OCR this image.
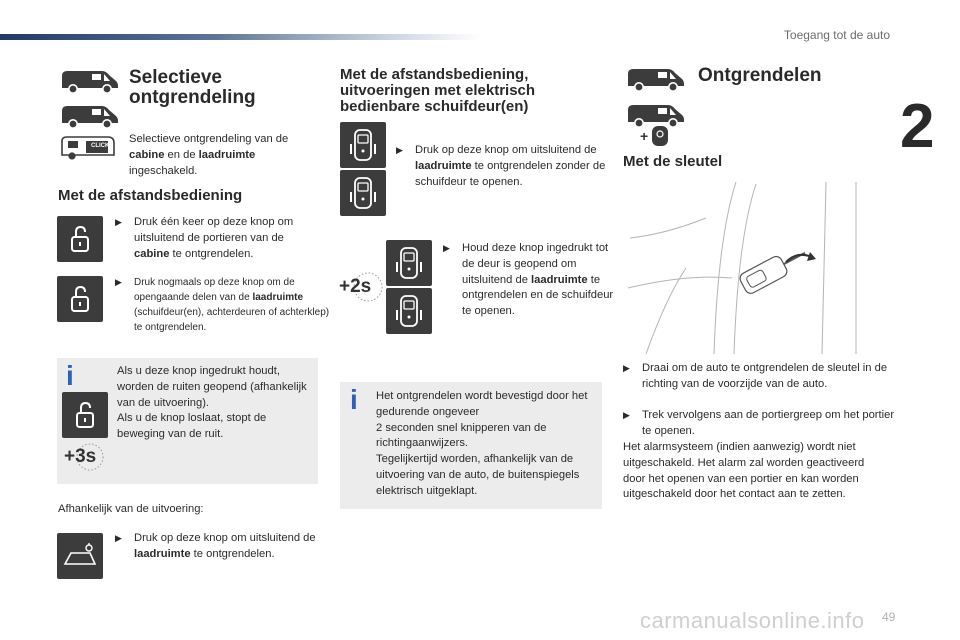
Toegang tot de auto
2
CLICK
Selectieve
ontgrendeling
Selectieve ontgrendeling van de cabine en de laadruimte
ingeschakeld.
Met de afstandsbediening
▶ Druk één keer op deze knop om uitsluitend de portieren van de
cabine te ontgrendelen.
▶ Druk nogmaals op deze knop om de opengaande delen van de laadruimte (schuifdeur(en), achterdeuren of achterklep) te ontgrendelen.
i
+3s
Als u deze knop ingedrukt houdt, worden de ruiten geopend (afhankelijk van de uitvoering).
Als u de knop loslaat, stopt de beweging van de ruit.
Afhankelijk van de uitvoering:
▶ Druk op deze knop om uitsluitend de laadruimte te ontgrendelen.
Met de afstandsbediening, uitvoeringen met elektrisch bedienbare schuifdeur(en)
▶ Druk op deze knop om uitsluitend de laadruimte te ontgrendelen zonder de schuifdeur te openen.
+2s
▶ Houd deze knop ingedrukt tot de deur is geopend om uitsluitend de laadruimte te ontgrendelen en de schuifdeur te openen.
i	Het ontgrendelen wordt bevestigd door het gedurende ongeveer
2 seconden snel knipperen van de richtingaanwijzers.
Tegelijkertijd worden, afhankelijk van de uitvoering van de auto, de buitenspiegels elektrisch uitgeklapt.
+
Ontgrendelen
Met de sleutel
▶ Draai om de auto te ontgrendelen de sleutel in de richting van de voorzijde van de auto.
▶ Trek vervolgens aan de portiergreep om het portier te openen.
Het alarmsysteem (indien aanwezig) wordt niet uitgeschakeld. Het alarm zal worden geactiveerd door het openen van een portier en kan worden uitgeschakeld door het contact aan te zetten.
carmanualsonline.info 49
